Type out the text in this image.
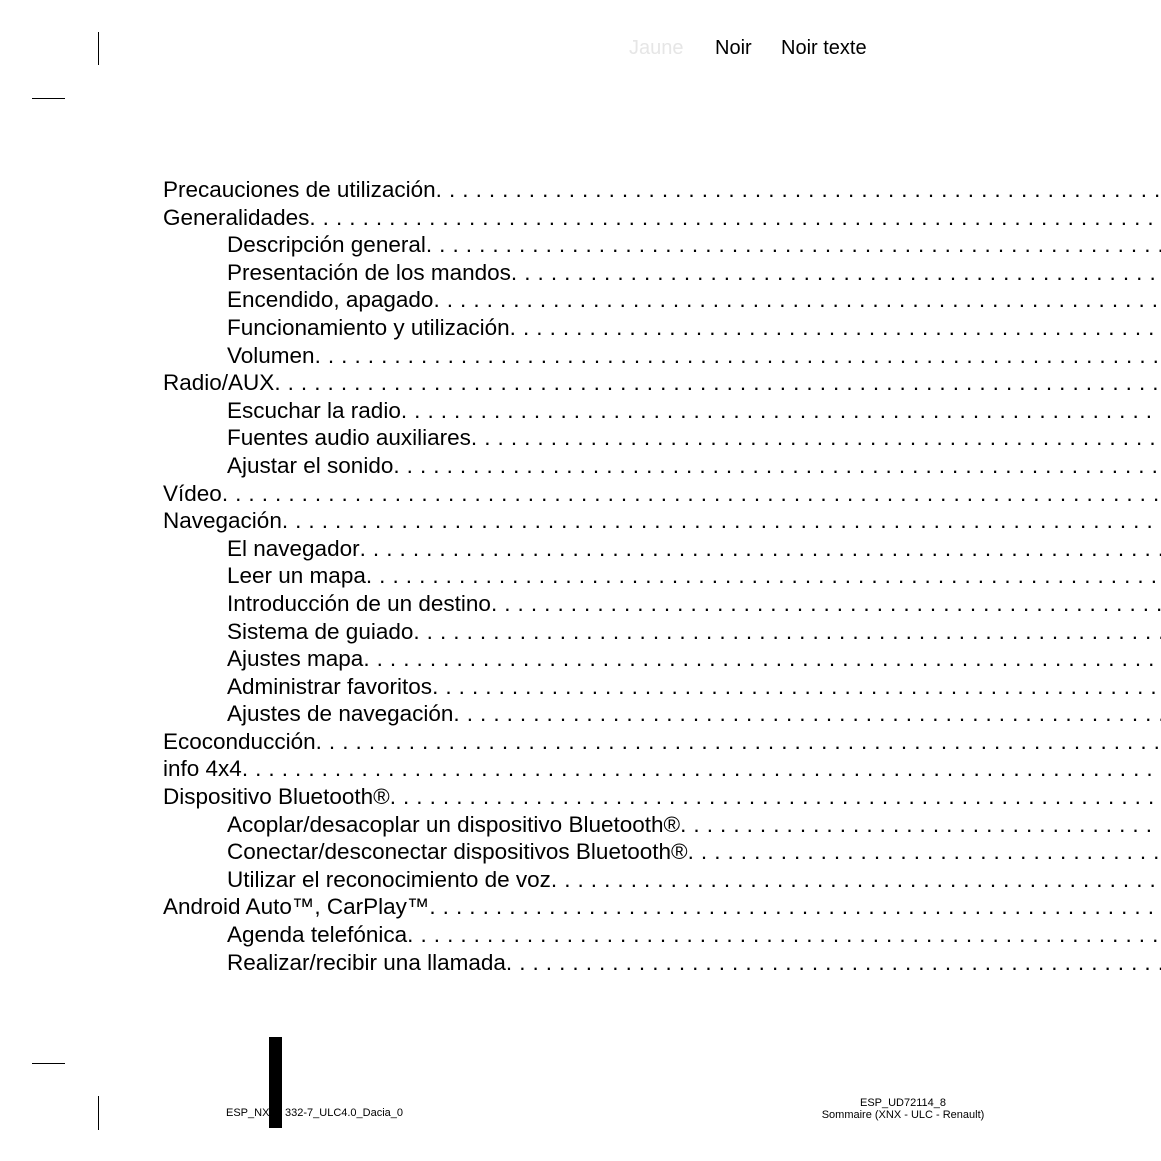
Jaune Noir Noir texte
Precauciones de utilización
. . .
Generalidades
. . .
Descripción general
. . .
Presentación de los mandos
. . .
Encendido, apagado
. . .
Funcionamiento y utilización
. . .
Volumen
. . .
Radio/AUX
. . .
Escuchar la radio
. . .
Fuentes audio auxiliares
. . .
Ajustar el sonido
. . .
Vídeo
. . .
Navegación
. . .
El navegador
. . .
Leer un mapa
. . .
Introducción de un destino
. . .
Sistema de guiado
. . .
Ajustes mapa
. . .
Administrar favoritos
. . .
Ajustes de navegación
. . .
Ecoconducción
. . .
info 4x4
. . .
Dispositivo Bluetooth®
. . .
Acoplar/desacoplar un dispositivo Bluetooth®
. . .
Conectar/desconectar dispositivos Bluetooth®
. . .
Utilizar el reconocimiento de voz
. . .
Android Auto™, CarPlay™
. . .
Agenda telefónica
. . .
Realizar/recibir una llamada
. . .
ESP_NX 332-7_ULC4.0_Dacia_0
ESP_UD72114_8
Sommaire (XNX - ULC - Renault)
